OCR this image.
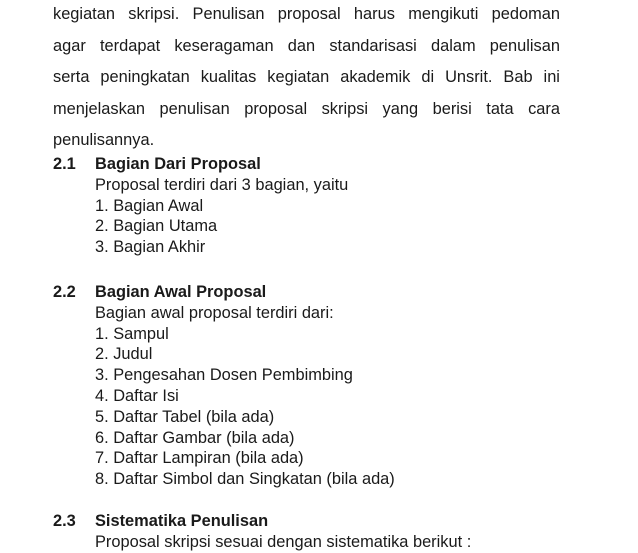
kegiatan skripsi. Penulisan proposal harus mengikuti pedoman
agar terdapat keseragaman dan standarisasi dalam penulisan
serta peningkatan kualitas kegiatan akademik di Unsrit. Bab ini
menjelaskan penulisan proposal skripsi yang berisi tata cara
penulisannya.
2.1	Bagian Dari Proposal
Proposal terdiri dari 3 bagian, yaitu
1. Bagian Awal
2. Bagian Utama
3. Bagian Akhir
2.2	Bagian Awal Proposal
Bagian awal proposal terdiri dari:
1. Sampul
2. Judul
3. Pengesahan Dosen Pembimbing
4. Daftar Isi
5. Daftar Tabel (bila ada)
6. Daftar Gambar (bila ada)
7. Daftar Lampiran (bila ada)
8. Daftar Simbol dan Singkatan (bila ada)
2.3	Sistematika Penulisan
Proposal skripsi sesuai dengan sistematika berikut :
